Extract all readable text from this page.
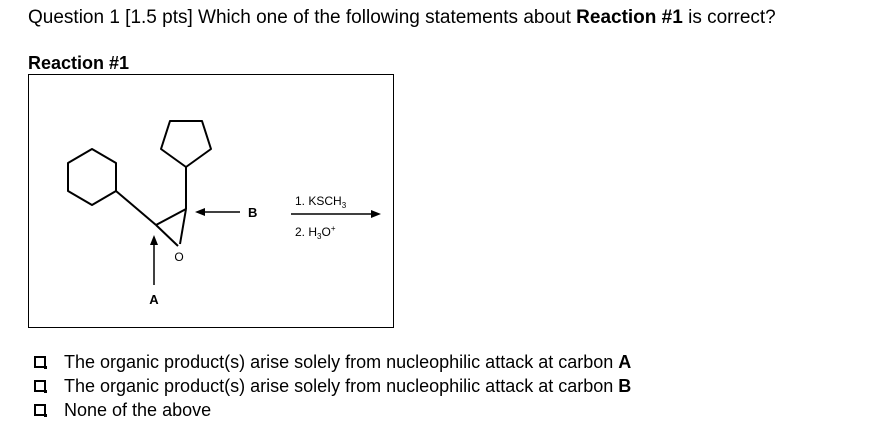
Question 1 [1.5 pts] Which one of the following statements about Reaction #1 is correct?
Reaction #1
O
A
B
1. $KSCH_3$
2. $H_3O^+$
The organic product(s) arise solely from nucleophilic attack at carbon A
The organic product(s) arise solely from nucleophilic attack at carbon B
None of the above
